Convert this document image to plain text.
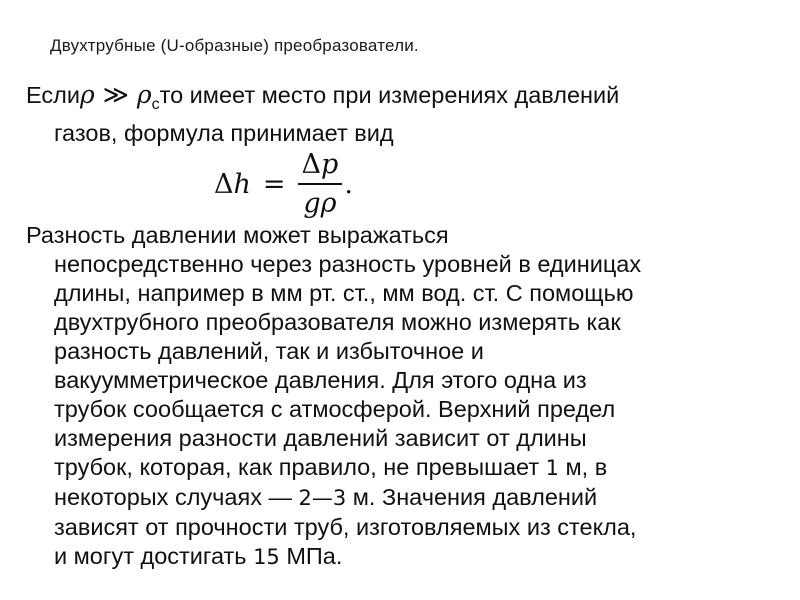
Двухтрубные (U-образные) преобразователи.
Еслиρ ≫ $\rho_сто$ имеет место при измерениях давлений
газов, формула принимает вид
$\Delta h = \frac{\Delta p}{g\rho}$ .
Разность давлении может выражаться
непосредственно через разность уровней в единицах
длины, например в мм рт. ст., мм вод. ст. С помощью
двухтрубного преобразователя можно измерять как
разность давлений, так и избыточное и
вакуумметрическое давления. Для этого одна из
трубок сообщается с атмосферой. Верхний предел
измерения разности давлений зависит от длины
трубок, которая, как правило, не превышает 1 м, в
некоторых случаях — 2—3 м. Значения давлений
зависят от прочности труб, изготовляемых из стекла,
и могут достигать 15 МПа.
